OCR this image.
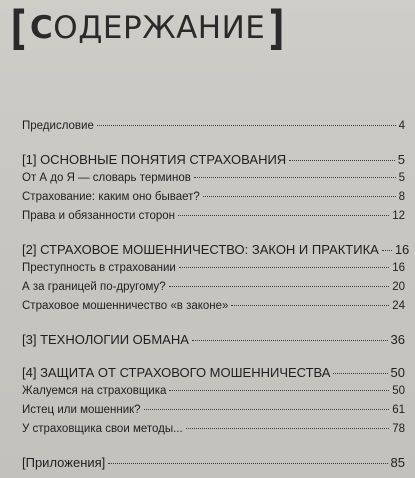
[ СОДЕРЖАНИЕ ]
Предисловие	4
[1] ОСНОВНЫЕ ПОНЯТИЯ СТРАХОВАНИЯ	5
От А до Я — словарь терминов	5
Страхование: каким оно бывает?	8
Права и обязанности сторон	12
[2] СТРАХОВОЕ МОШЕННИЧЕСТВО: ЗАКОН И ПРАКТИКА 16
Преступность в страховании	16
А за границей по-другому?	20
Страховое мошенничество «в законе»	24
[3] ТЕХНОЛОГИИ ОБМАНА	36
[4] ЗАЩИТА ОТ СТРАХОВОГО МОШЕННИЧЕСТВА	50
Жалуемся на страховщика	50
Истец или мошенник?	61
У страховщика свои методы...	78
[Приложения]	85
